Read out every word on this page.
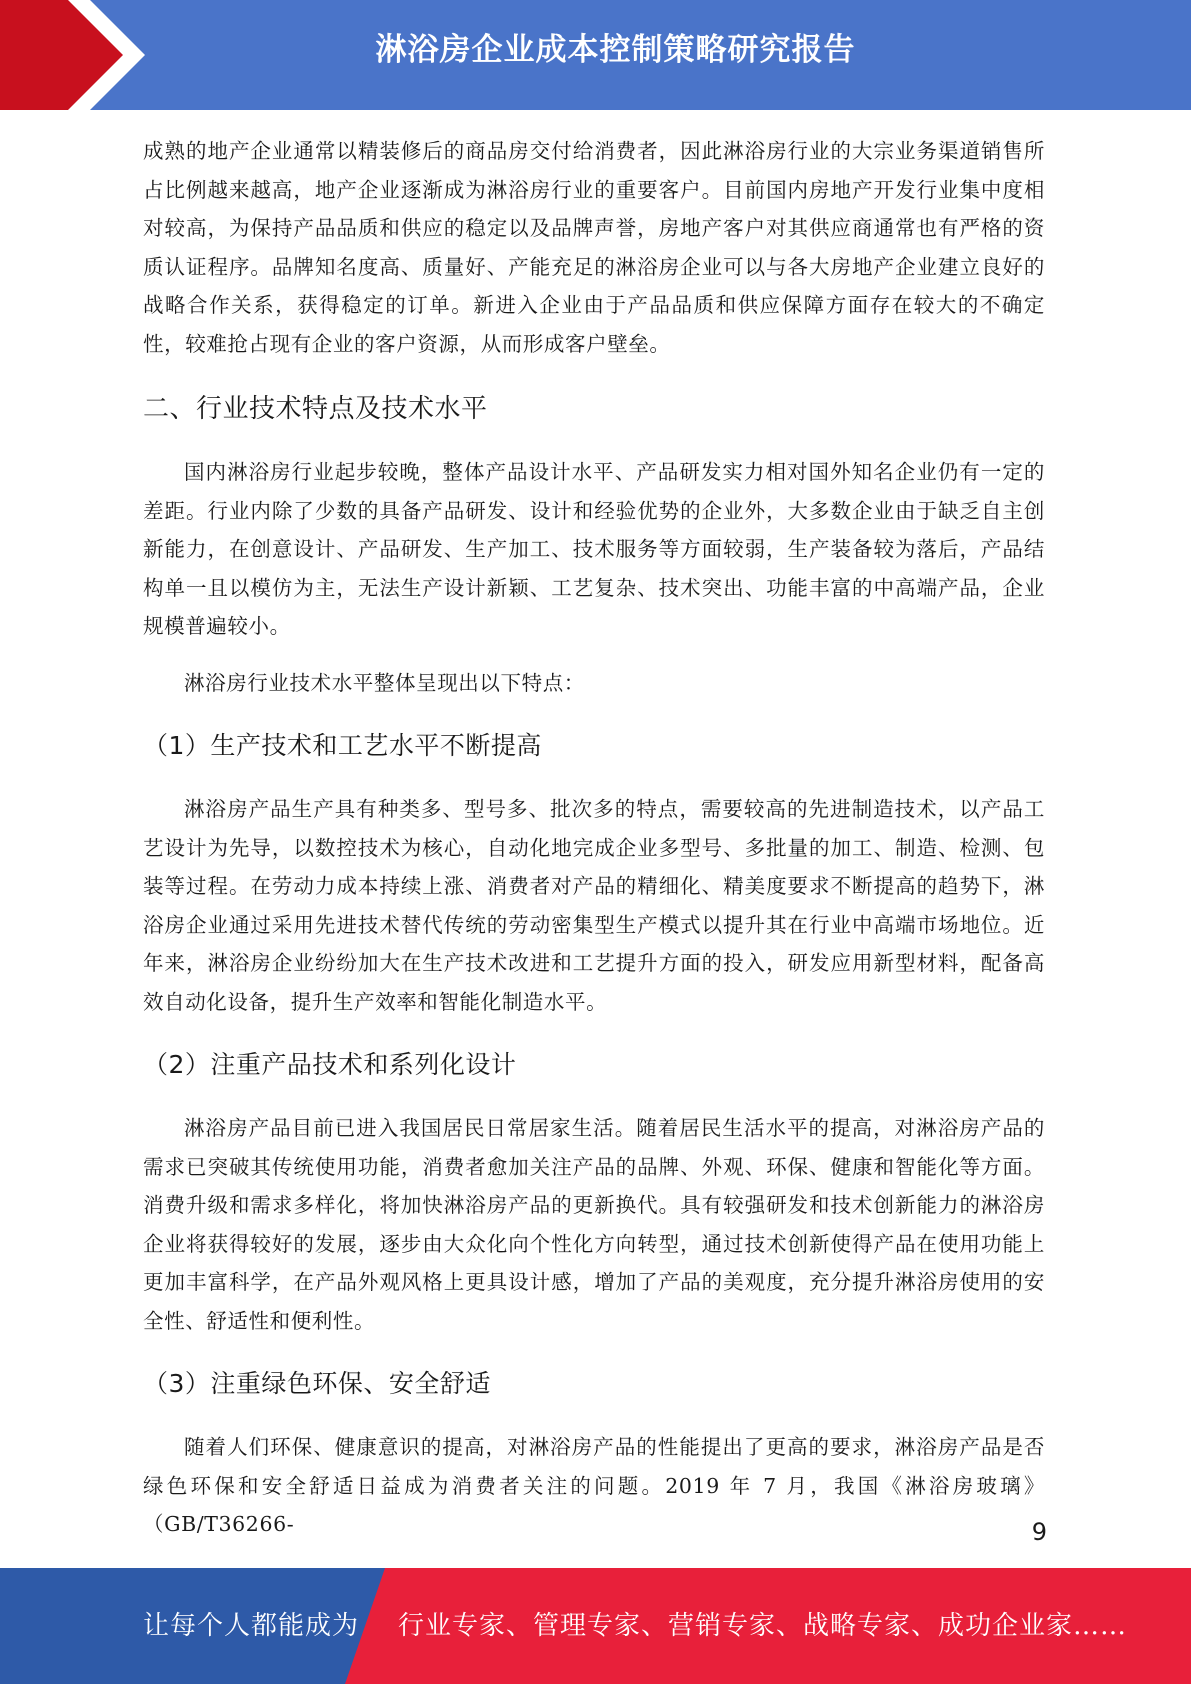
淋浴房企业成本控制策略研究报告

成熟的地产企业通常以精装修后的商品房交付给消费者，因此淋浴房行业的大宗业务渠道销售所占比例越来越高，地产企业逐渐成为淋浴房行业的重要客户。目前国内房地产开发行业集中度相对较高，为保持产品品质和供应的稳定以及品牌声誉，房地产客户对其供应商通常也有严格的资质认证程序。品牌知名度高、质量好、产能充足的淋浴房企业可以与各大房地产企业建立良好的战略合作关系，获得稳定的订单。新进入企业由于产品品质和供应保障方面存在较大的不确定性，较难抢占现有企业的客户资源，从而形成客户壁垒。

二、行业技术特点及技术水平

国内淋浴房行业起步较晚，整体产品设计水平、产品研发实力相对国外知名企业仍有一定的差距。行业内除了少数的具备产品研发、设计和经验优势的企业外，大多数企业由于缺乏自主创新能力，在创意设计、产品研发、生产加工、技术服务等方面较弱，生产装备较为落后，产品结构单一且以模仿为主，无法生产设计新颖、工艺复杂、技术突出、功能丰富的中高端产品，企业规模普遍较小。

淋浴房行业技术水平整体呈现出以下特点：

（1）生产技术和工艺水平不断提高

淋浴房产品生产具有种类多、型号多、批次多的特点，需要较高的先进制造技术，以产品工艺设计为先导，以数控技术为核心，自动化地完成企业多型号、多批量的加工、制造、检测、包装等过程。在劳动力成本持续上涨、消费者对产品的精细化、精美度要求不断提高的趋势下，淋浴房企业通过采用先进技术替代传统的劳动密集型生产模式以提升其在行业中高端市场地位。近年来，淋浴房企业纷纷加大在生产技术改进和工艺提升方面的投入，研发应用新型材料，配备高效自动化设备，提升生产效率和智能化制造水平。

（2）注重产品技术和系列化设计

淋浴房产品目前已进入我国居民日常居家生活。随着居民生活水平的提高，对淋浴房产品的需求已突破其传统使用功能，消费者愈加关注产品的品牌、外观、环保、健康和智能化等方面。消费升级和需求多样化，将加快淋浴房产品的更新换代。具有较强研发和技术创新能力的淋浴房企业将获得较好的发展，逐步由大众化向个性化方向转型，通过技术创新使得产品在使用功能上更加丰富科学，在产品外观风格上更具设计感，增加了产品的美观度，充分提升淋浴房使用的安全性、舒适性和便利性。

（3）注重绿色环保、安全舒适

随着人们环保、健康意识的提高，对淋浴房产品的性能提出了更高的要求，淋浴房产品是否绿色环保和安全舒适日益成为消费者关注的问题。2019 年 7 月，我国《淋浴房玻璃》（GB/T36266-	9
让每个人都能成为 行业专家、管理专家、营销专家、战略专家、成功企业家……
